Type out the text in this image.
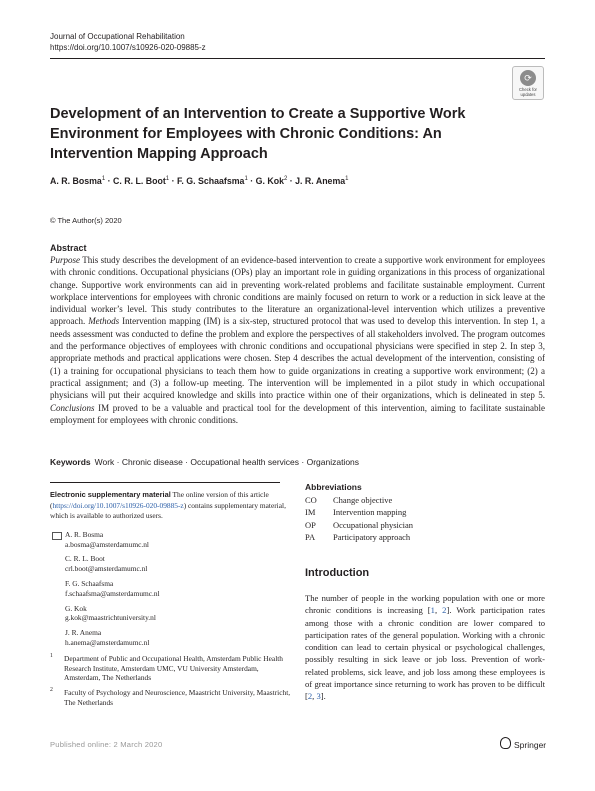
Journal of Occupational Rehabilitation
https://doi.org/10.1007/s10926-020-09885-z
⟳
Check for updates
Development of an Intervention to Create a Supportive Work Environment for Employees with Chronic Conditions: An Intervention Mapping Approach
A. R. Bosma$^1$ · C. R. L. Boot$^1$ · F. G. Schaafsma$^1$ · G. Kok$^2$ · J. R. Anema$^1$
© The Author(s) 2020
Abstract

Purpose This study describes the development of an evidence-based intervention to create a supportive work environment for employees with chronic conditions. Occupational physicians (OPs) play an important role in guiding organizations in this process of organizational change. Supportive work environments can aid in preventing work-related problems and facilitate sustainable employment. Current workplace interventions for employees with chronic conditions are mainly focused on return to work or a reduction in sick leave at the individual worker’s level. This study contributes to the literature an organizational-level intervention which utilizes a preventive approach. Methods Intervention mapping (IM) is a six-step, structured protocol that was used to develop this intervention. In step 1, a needs assessment was conducted to define the problem and explore the perspectives of all stakeholders involved. The program outcomes and the performance objectives of employees with chronic conditions and occupational physicians were specified in step 2. In step 3, appropriate methods and practical applications were chosen. Step 4 describes the actual development of the intervention, consisting of (1) a training for occupational physicians to teach them how to guide organizations in creating a supportive work environment; (2) a practical assignment; and (3) a follow-up meeting. The intervention will be implemented in a pilot study in which occupational physicians will put their acquired knowledge and skills into practice within one of their organizations, which is delineated in step 5. Conclusions IM proved to be a valuable and practical tool for the development of this intervention, aiming to facilitate sustainable employment for employees with chronic conditions.

Keywords Work · Chronic disease · Occupational health services · Organizations

Electronic supplementary material The online version of this article (https://doi.org/10.1007/s10926-020-09885-z) contains supplementary material, which is available to authorized users.

A. R. Bosma
a.bosma@amsterdamumc.nl
C. R. L. Boot
crl.boot@amsterdamumc.nl
F. G. Schaafsma
f.schaafsma@amsterdamumc.nl
G. Kok
g.kok@maastrichtuniversity.nl
J. R. Anema
h.anema@amsterdamumc.nl
1 Department of Public and Occupational Health, Amsterdam Public Health Research Institute, Amsterdam UMC, VU University Amsterdam, Amsterdam, The Netherlands
2 Faculty of Psychology and Neuroscience, Maastricht University, Maastricht, The Netherlands
Abbreviations
CO Change objective
IM Intervention mapping
OP Occupational physician
PA Participatory approach
Introduction

The number of people in the working population with one or more chronic conditions is increasing [1, 2]. Work participation rates among those with a chronic condition are lower compared to participation rates of the general population. Working with a chronic condition can lead to certain physical or psychological challenges, possibly resulting in sick leave or job loss. Prevention of work-related problems, sick leave, and job loss among these employees is of great importance since returning to work has proven to be difficult [2, 3].

Published online: 2 March 2020	Springer
